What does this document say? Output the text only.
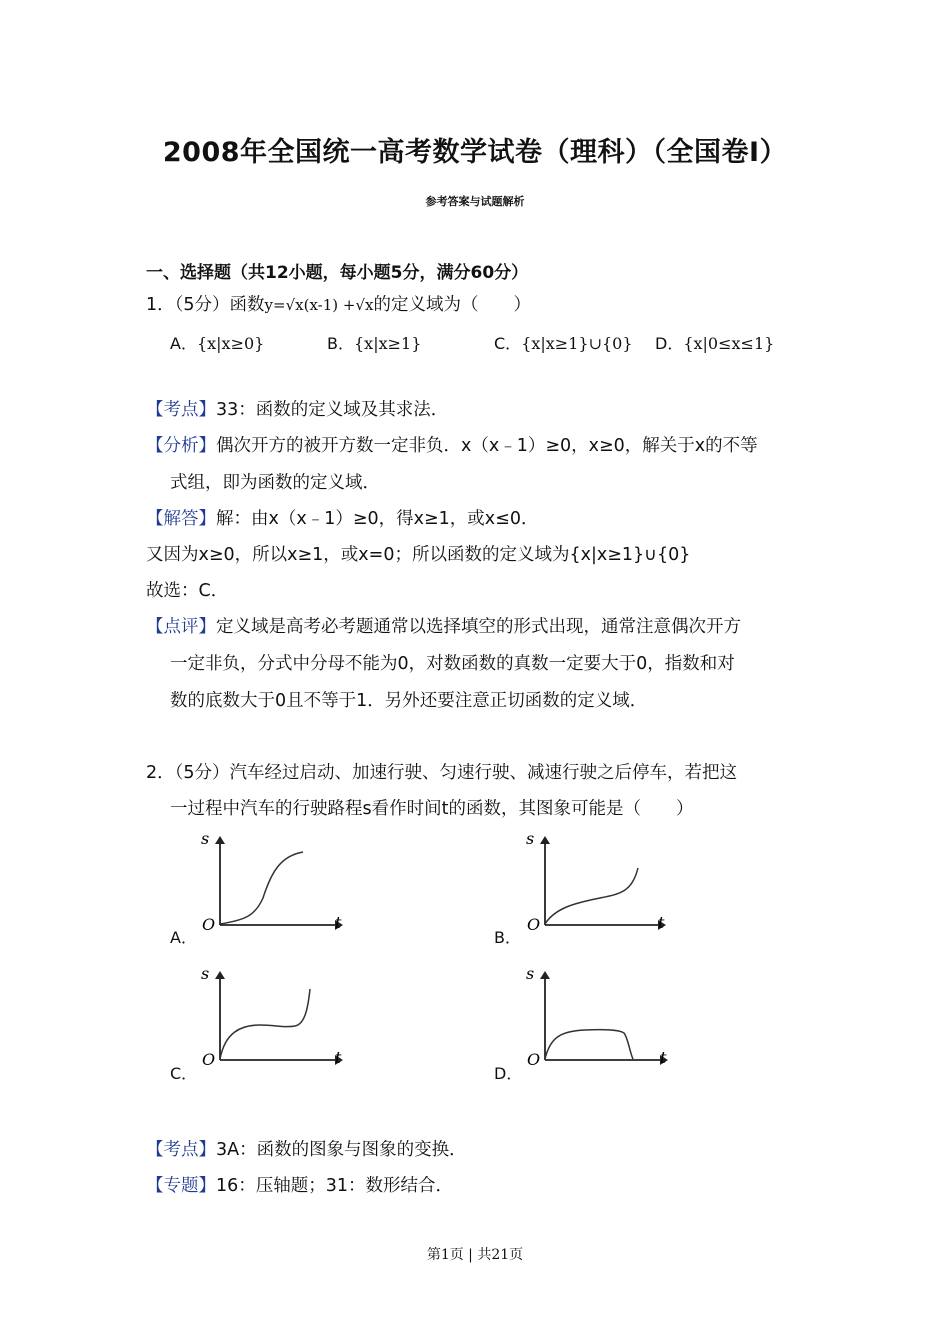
2008年全国统一高考数学试卷（理科）（全国卷Ⅰ）
参考答案与试题解析
一、选择题（共12小题，每小题5分，满分60分）
1．（5分）函数y=√x(x-1) +√x的定义域为（　　）
A．{x|x≥0}	B．{x|x≥1}	C．{x|x≥1}∪{0} D．{x|0≤x≤1}
【考点】33：函数的定义域及其求法．
【分析】偶次开方的被开方数一定非负．x（x﹣1）≥0，x≥0，解关于x的不等
式组，即为函数的定义域．
【解答】解：由x（x﹣1）≥0，得x≥1，或x≤0．
又因为x≥0，所以x≥1，或x=0；所以函数的定义域为{x|x≥1}∪{0}
故选：C．
【点评】定义域是高考必考题通常以选择填空的形式出现，通常注意偶次开方
一定非负，分式中分母不能为0，对数函数的真数一定要大于0，指数和对
数的底数大于0且不等于1．另外还要注意正切函数的定义域．
2．（5分）汽车经过启动、加速行驶、匀速行驶、减速行驶之后停车，若把这
一过程中汽车的行驶路程s看作时间t的函数，其图象可能是（　　）
A．
s
O	t
B．
s
O	t
C．
s
O	t
D．
s
O	t
【考点】3A：函数的图象与图象的变换．
【专题】16：压轴题；31：数形结合．
第1页 | 共21页
